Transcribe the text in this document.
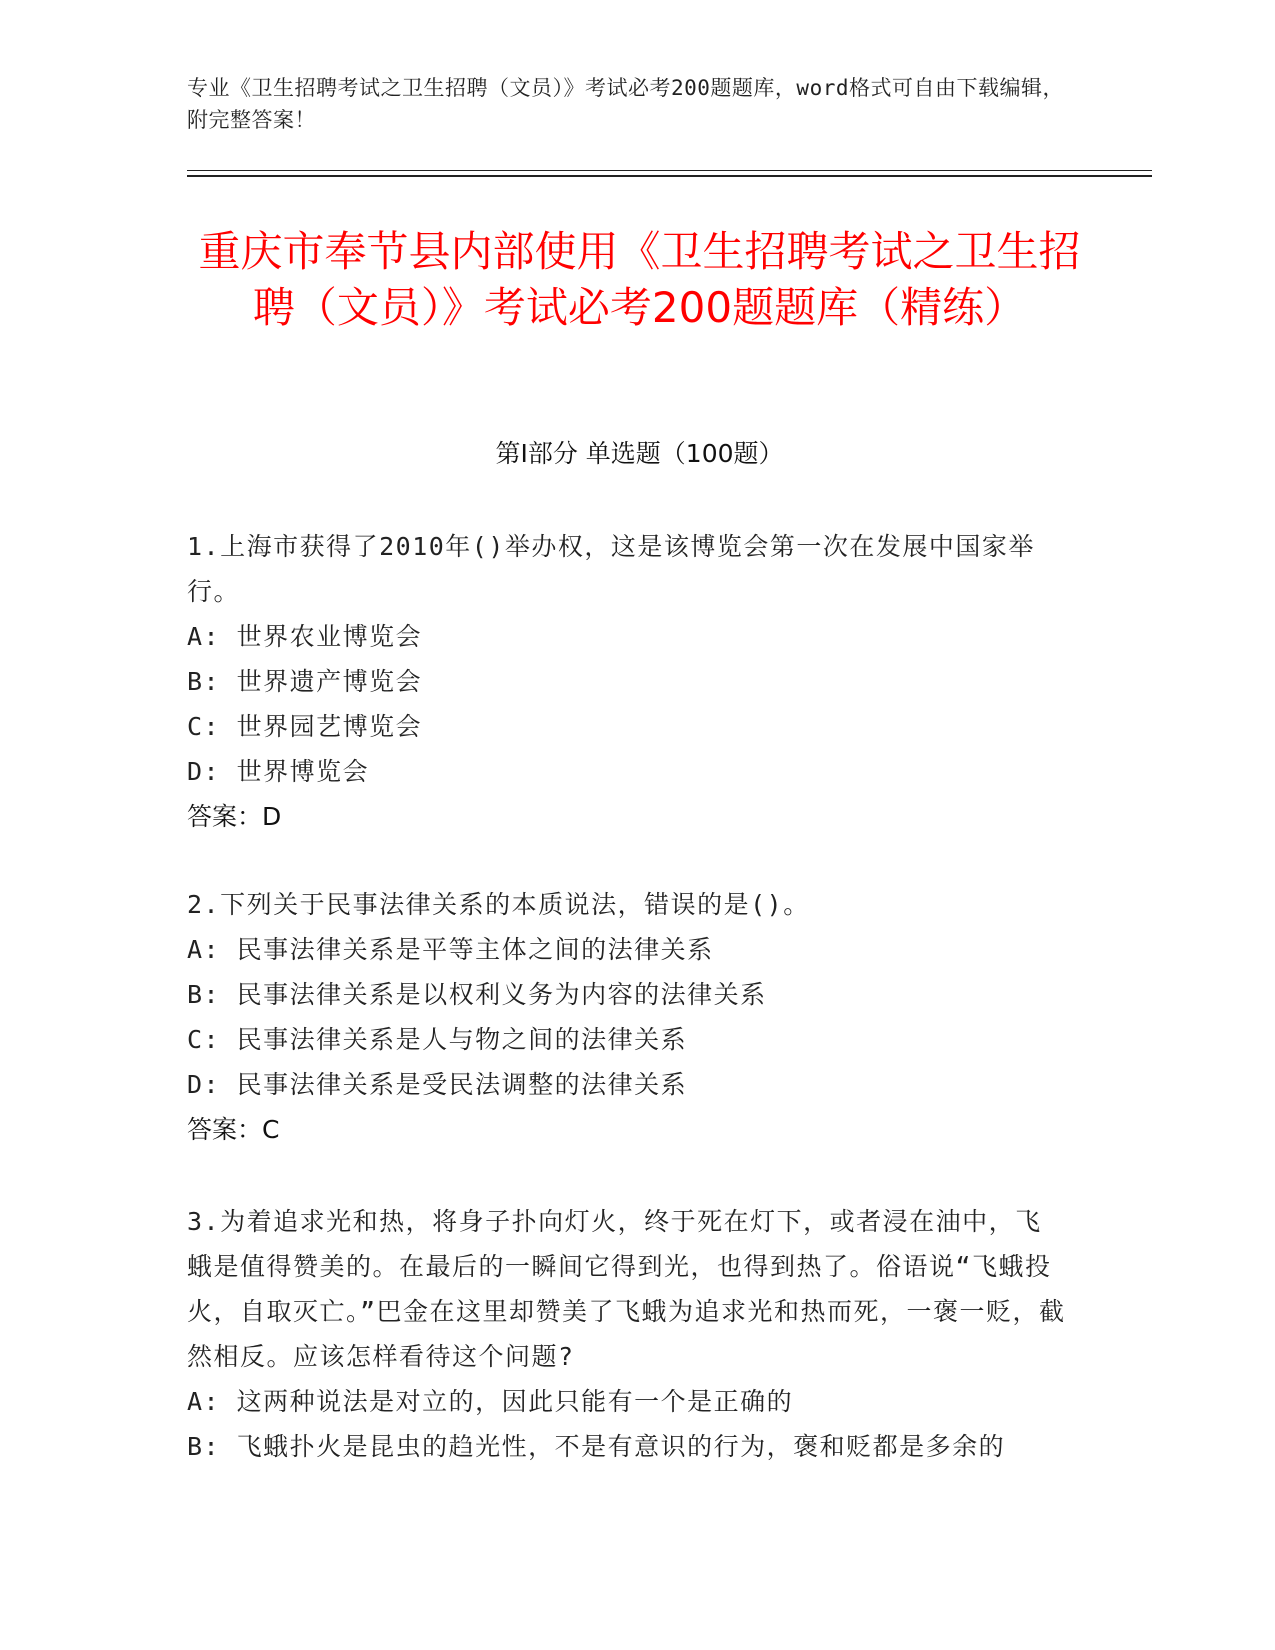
专业《卫生招聘考试之卫生招聘（文员）》考试必考200题题库，word格式可自由下载编辑，附完整答案！
重庆市奉节县内部使用《卫生招聘考试之卫生招聘（文员）》考试必考200题题库（精练）
第Ⅰ部分 单选题（100题）
1.上海市获得了2010年()举办权，这是该博览会第一次在发展中国家举行。
A: 世界农业博览会
B: 世界遗产博览会
C: 世界园艺博览会
D: 世界博览会
答案：D
2.下列关于民事法律关系的本质说法，错误的是()。
A: 民事法律关系是平等主体之间的法律关系
B: 民事法律关系是以权利义务为内容的法律关系
C: 民事法律关系是人与物之间的法律关系
D: 民事法律关系是受民法调整的法律关系
答案：C
3.为着追求光和热，将身子扑向灯火，终于死在灯下，或者浸在油中，飞蛾是值得赞美的。在最后的一瞬间它得到光，也得到热了。俗语说“飞蛾投火，自取灭亡。”巴金在这里却赞美了飞蛾为追求光和热而死，一褒一贬，截然相反。应该怎样看待这个问题?
A: 这两种说法是对立的，因此只能有一个是正确的
B: 飞蛾扑火是昆虫的趋光性，不是有意识的行为，褒和贬都是多余的
